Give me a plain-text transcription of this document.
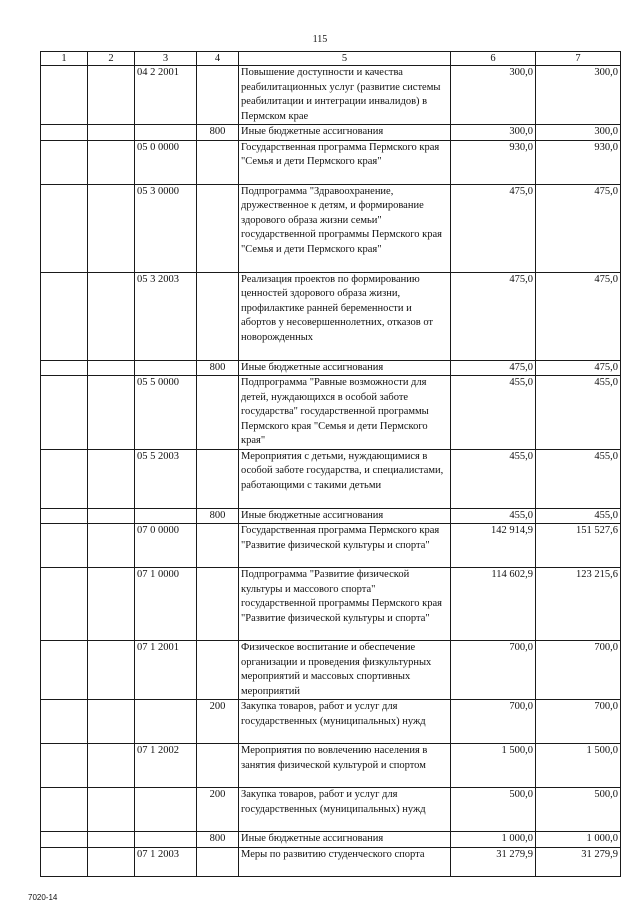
115
1	2	3	4	5	6	7
		04 2 2001		Повышение доступности и качества реабилитационных услуг (развитие системы реабилитации и интеграции инвалидов) в Пермском крае	300,0	300,0
			800	Иные бюджетные ассигнования	300,0	300,0
		05 0 0000		Государственная программа Пермского края "Семья и дети Пермского края"	930,0	930,0
		05 3 0000		Подпрограмма "Здравоохранение, дружественное к детям, и формирование здорового образа жизни семьи" государственной программы Пермского края "Семья и дети Пермского края"	475,0	475,0
		05 3 2003		Реализация проектов по формированию ценностей здорового образа жизни, профилактике ранней беременности и абортов у несовершеннолетних, отказов от новорожденных	475,0	475,0
			800	Иные бюджетные ассигнования	475,0	475,0
		05 5 0000		Подпрограмма "Равные возможности для детей, нуждающихся в особой заботе государства" государственной программы Пермского края "Семья и дети Пермского края"	455,0	455,0
		05 5 2003		Мероприятия с детьми, нуждающимися в особой заботе государства, и специалистами, работающими с такими детьми	455,0	455,0
			800	Иные бюджетные ассигнования	455,0	455,0
		07 0 0000		Государственная программа Пермского края "Развитие физической культуры и спорта"	142 914,9	151 527,6
		07 1 0000		Подпрограмма "Развитие физической культуры и массового спорта" государственной программы Пермского края "Развитие физической культуры и спорта"	114 602,9	123 215,6
		07 1 2001		Физическое воспитание и обеспечение организации и проведения физкультурных мероприятий и массовых спортивных мероприятий	700,0	700,0
			200	Закупка товаров, работ и услуг для государственных (муниципальных) нужд	700,0	700,0
		07 1 2002		Мероприятия по вовлечению населения в занятия физической культурой и спортом	1 500,0	1 500,0
			200	Закупка товаров, работ и услуг для государственных (муниципальных) нужд	500,0	500,0
			800	Иные бюджетные ассигнования	1 000,0	1 000,0
		07 1 2003		Меры по развитию студенческого спорта	31 279,9	31 279,9
7020-14
